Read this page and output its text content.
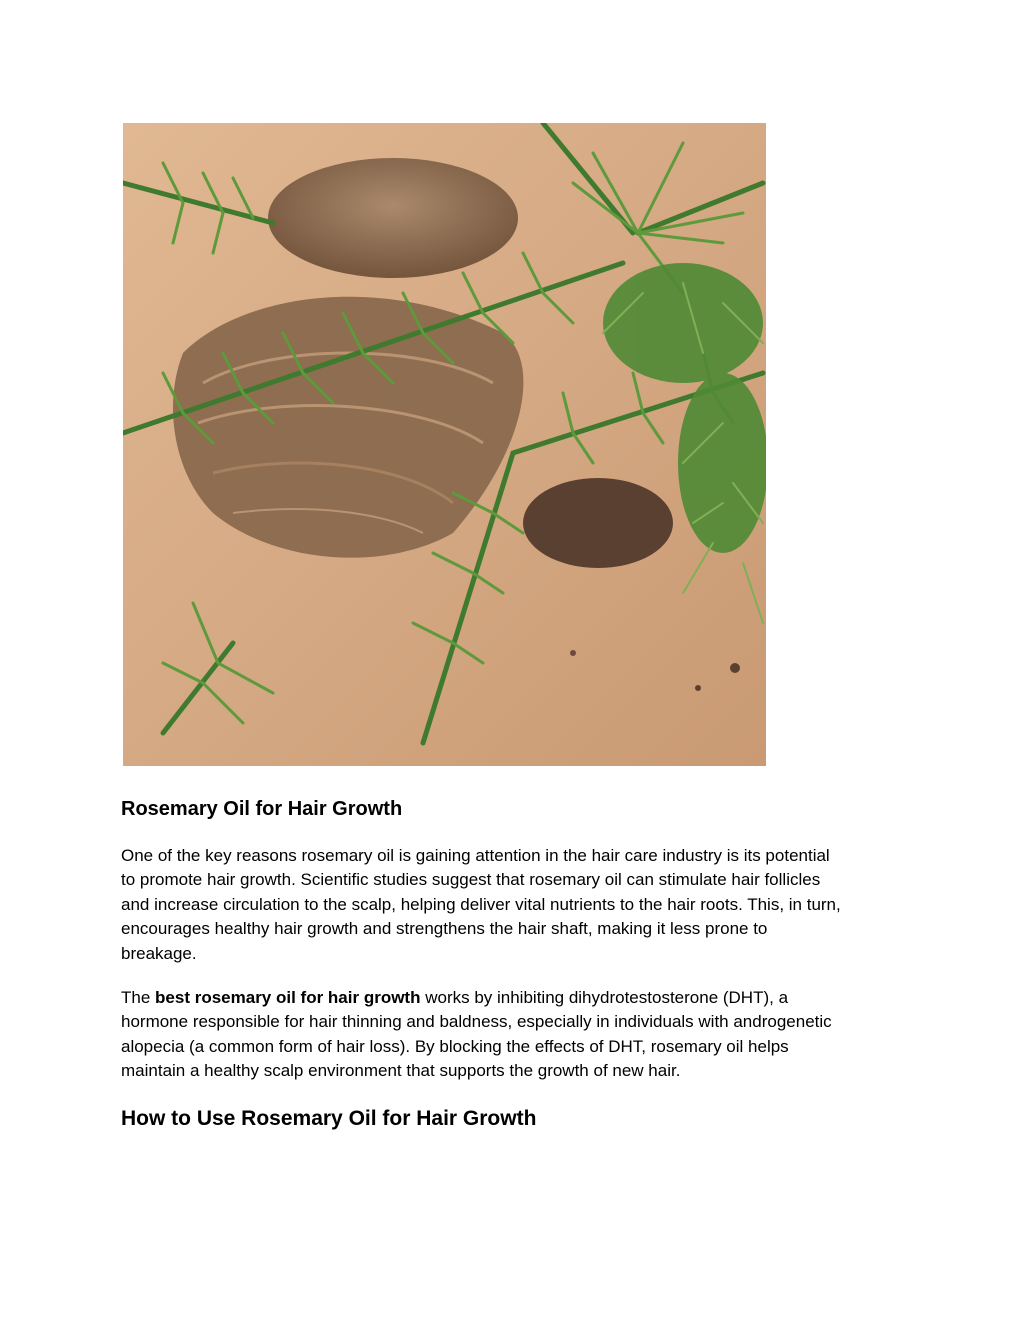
Rosemary Oil for Hair Growth

One of the key reasons rosemary oil is gaining attention in the hair care industry is its potential
to promote hair growth. Scientific studies suggest that rosemary oil can stimulate hair follicles
and increase circulation to the scalp, helping deliver vital nutrients to the hair roots. This, in turn,
encourages healthy hair growth and strengthens the hair shaft, making it less prone to
breakage.

The best rosemary oil for hair growth works by inhibiting dihydrotestosterone (DHT), a
hormone responsible for hair thinning and baldness, especially in individuals with androgenetic
alopecia (a common form of hair loss). By blocking the effects of DHT, rosemary oil helps
maintain a healthy scalp environment that supports the growth of new hair.

How to Use Rosemary Oil for Hair Growth
